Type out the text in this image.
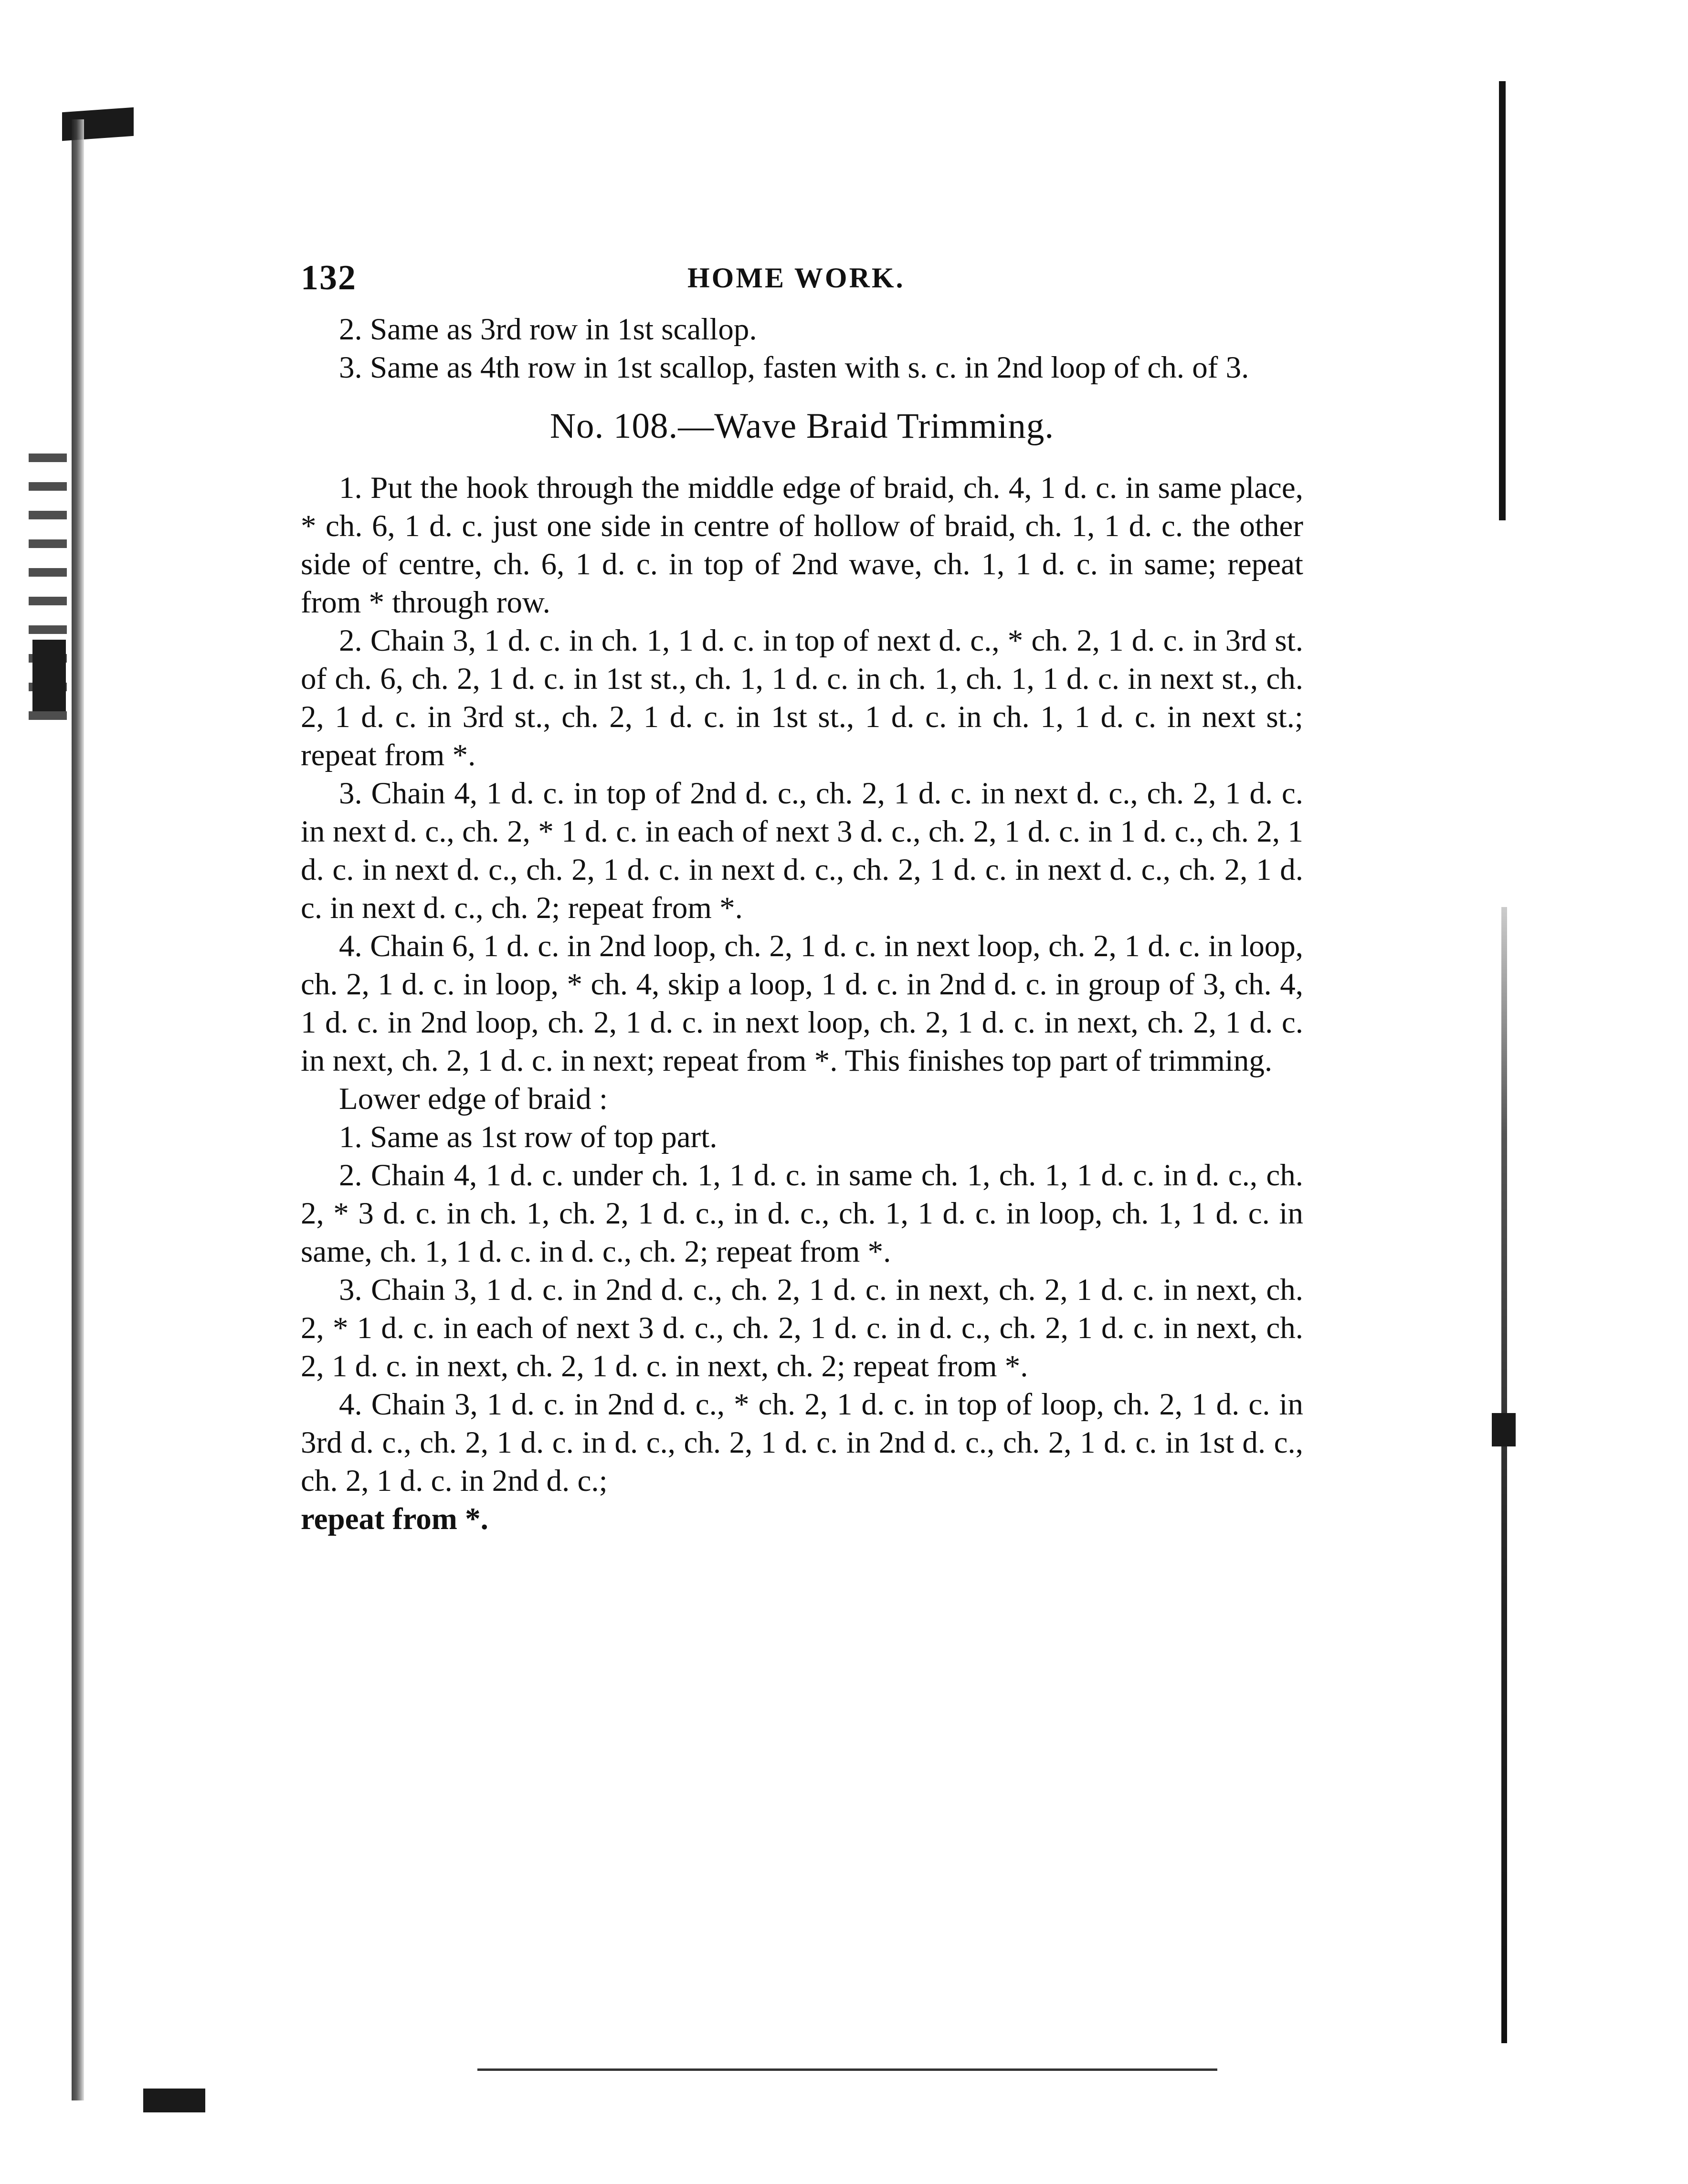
132	HOME WORK.

2. Same as 3rd row in 1st scallop.

3. Same as 4th row in 1st scallop, fasten with s. c. in 2nd loop of ch. of 3.

No. 108.—Wave Braid Trimming.

1. Put the hook through the middle edge of braid, ch. 4, 1 d. c. in same place, * ch. 6, 1 d. c. just one side in centre of hollow of braid, ch. 1, 1 d. c. the other side of centre, ch. 6, 1 d. c. in top of 2nd wave, ch. 1, 1 d. c. in same; repeat from * through row.

2. Chain 3, 1 d. c. in ch. 1, 1 d. c. in top of next d. c., * ch. 2, 1 d. c. in 3rd st. of ch. 6, ch. 2, 1 d. c. in 1st st., ch. 1, 1 d. c. in ch. 1, ch. 1, 1 d. c. in next st., ch. 2, 1 d. c. in 3rd st., ch. 2, 1 d. c. in 1st st., 1 d. c. in ch. 1, 1 d. c. in next st.; repeat from *.

3. Chain 4, 1 d. c. in top of 2nd d. c., ch. 2, 1 d. c. in next d. c., ch. 2, 1 d. c. in next d. c., ch. 2, * 1 d. c. in each of next 3 d. c., ch. 2, 1 d. c. in 1 d. c., ch. 2, 1 d. c. in next d. c., ch. 2, 1 d. c. in next d. c., ch. 2, 1 d. c. in next d. c., ch. 2, 1 d. c. in next d. c., ch. 2; repeat from *.

4. Chain 6, 1 d. c. in 2nd loop, ch. 2, 1 d. c. in next loop, ch. 2, 1 d. c. in loop, ch. 2, 1 d. c. in loop, * ch. 4, skip a loop, 1 d. c. in 2nd d. c. in group of 3, ch. 4, 1 d. c. in 2nd loop, ch. 2, 1 d. c. in next loop, ch. 2, 1 d. c. in next, ch. 2, 1 d. c. in next, ch. 2, 1 d. c. in next; repeat from *. This finishes top part of trimming.

Lower edge of braid :

1. Same as 1st row of top part.

2. Chain 4, 1 d. c. under ch. 1, 1 d. c. in same ch. 1, ch. 1, 1 d. c. in d. c., ch. 2, * 3 d. c. in ch. 1, ch. 2, 1 d. c., in d. c., ch. 1, 1 d. c. in loop, ch. 1, 1 d. c. in same, ch. 1, 1 d. c. in d. c., ch. 2; repeat from *.

3. Chain 3, 1 d. c. in 2nd d. c., ch. 2, 1 d. c. in next, ch. 2, 1 d. c. in next, ch. 2, * 1 d. c. in each of next 3 d. c., ch. 2, 1 d. c. in d. c., ch. 2, 1 d. c. in next, ch. 2, 1 d. c. in next, ch. 2, 1 d. c. in next, ch. 2; repeat from *.

4. Chain 3, 1 d. c. in 2nd d. c., * ch. 2, 1 d. c. in top of loop, ch. 2, 1 d. c. in 3rd d. c., ch. 2, 1 d. c. in d. c., ch. 2, 1 d. c. in 2nd d. c., ch. 2, 1 d. c. in 1st d. c., ch. 2, 1 d. c. in 2nd d. c.;

repeat from *.
